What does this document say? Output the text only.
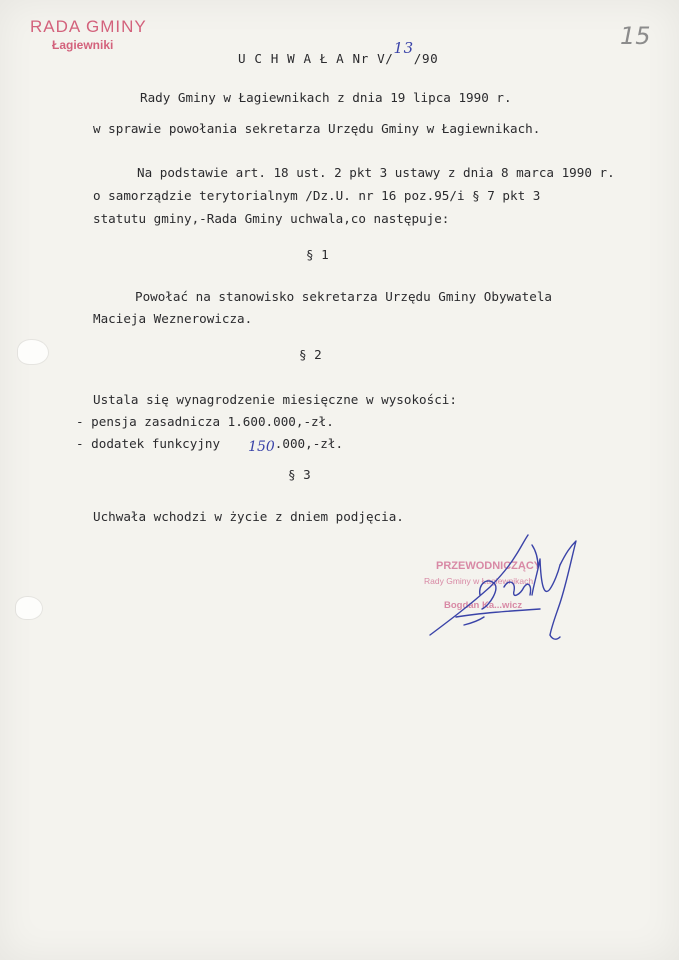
RADA GMINY
Łagiewniki	15
U C H W A Ł A Nr V/13/90
Rady Gminy w Łagiewnikach z dnia 19 lipca 1990 r.
w sprawie powołania sekretarza Urzędu Gminy w Łagiewnikach.
Na podstawie art. 18 ust. 2 pkt 3 ustawy z dnia 8 marca 1990 r.
o samorządzie terytorialnym /Dz.U. nr 16 poz.95/i § 7 pkt 3
statutu gminy,-Rada Gminy uchwala,co następuje:
§ 1
Powołać na stanowisko sekretarza Urzędu Gminy Obywatela
Macieja Weznerowicza.
§ 2
Ustala się wynagrodzenie miesięczne w wysokości:
- pensja zasadnicza 1.600.000,-zł.
- dodatek funkcyjny 150.000,-zł.
§ 3
Uchwała wchodzi w życie z dniem podjęcia.
PRZEWODNICZĄCY
Rady Gminy w Łagiewnikach
Bogdan Ka...wicz
